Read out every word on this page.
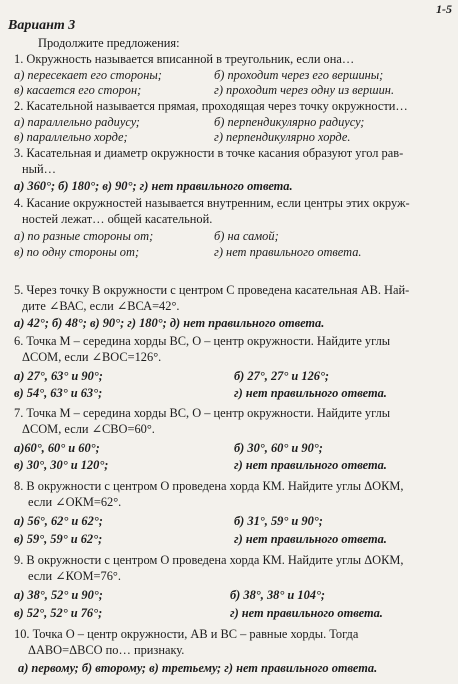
1-5
Вариант 3
Продолжите предложения:
1. Окружность называется вписанной в треугольник, если она…
а) пересекает его стороны;	б) проходит через его вершины;
в) касается его сторон;	г) проходит через одну из вершин.
2. Касательной называется прямая, проходящая через точку окружности…
а) параллельно радиусу;	б) перпендикулярно радиусу;
в) параллельно хорде;	г) перпендикулярно хорде.
3. Касательная и диаметр окружности в точке касания образуют угол рав-
ный…
а) 360°; б) 180°; в) 90°; г) нет правильного ответа.
4. Касание окружностей называется внутренним, если центры этих окруж-
ностей лежат… общей касательной.
а) по разные стороны от;	б) на самой;
в) по одну стороны от;	г) нет правильного ответа.
5. Через точку В окружности с центром С проведена касательная АВ. Най-
дите ∠ВАС, если ∠ВСА=42°.
а) 42°; б) 48°; в) 90°; г) 180°; д) нет правильного ответа.
6. Точка М – середина хорды ВС, О – центр окружности. Найдите углы
ΔСОМ, если ∠ВОС=126°.
а) 27°, 63° и 90°;	б) 27°, 27° и 126°;
в) 54°, 63° и 63°;	г) нет правильного ответа.
7. Точка М – середина хорды ВС, О – центр окружности. Найдите углы
ΔСОМ, если ∠СВО=60°.
а)60°, 60° и 60°;	б) 30°, 60° и 90°;
в) 30°, 30° и 120°;	г) нет правильного ответа.
8. В окружности с центром О проведена хорда КМ. Найдите углы ΔОКМ,
если ∠ОКМ=62°.
а) 56°, 62° и 62°;	б) 31°, 59° и 90°;
в) 59°, 59° и 62°;	г) нет правильного ответа.
9. В окружности с центром О проведена хорда КМ. Найдите углы ΔОКМ,
если ∠КОМ=76°.
а) 38°, 52° и 90°;	б) 38°, 38° и 104°;
в) 52°, 52° и 76°;	г) нет правильного ответа.
10. Точка О – центр окружности, АВ и ВС – равные хорды. Тогда
ΔАВО=ΔВСО по… признаку.
а) первому; б) второму; в) третьему; г) нет правильного ответа.
